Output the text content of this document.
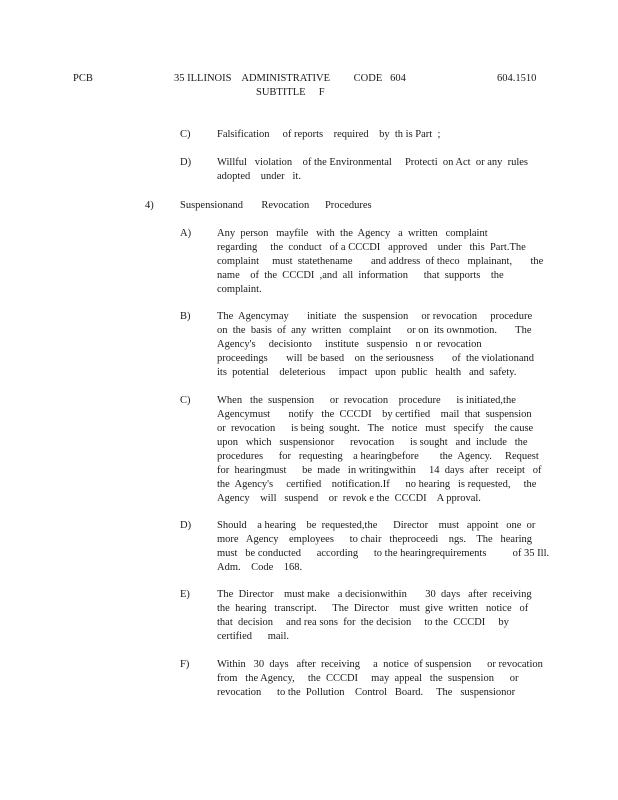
PCB	35 ILLINOIS    ADMINISTRATIVE         CODE   604
SUBTITLE     F
604.1510
C)	Falsification     of reports    required    by  th is Part  ;
D) Willful   violation    of the Environmental     Protecti  on Act  or any  rules
adopted    under   it.
4)	Suspensionand       Revocation      Procedures
A) Any  person   mayfile   with  the  Agency   a  written   complaint
regarding     the  conduct   of a CCCDI   approved    under   this  Part.The
complaint     must  statethename       and address  of theco   mplainant,       the
name    of  the  CCCDI  ,and  all  information      that  supports    the
complaint.
B)	The  Agencymay       initiate   the  suspension     or revocation     procedure
on  the  basis  of  any  written   complaint      or on  its ownmotion.       The
Agency's     decisionto     institute   suspensio   n or  revocation
proceedings       will  be based    on  the seriousness       of  the violationand
its  potential    deleterious     impact   upon  public   health   and  safety.
C)	When   the  suspension      or  revocation    procedure      is initiated,the
Agencymust       notify   the  CCCDI    by certified    mail  that  suspension
or  revocation      is being  sought.   The   notice   must   specify    the cause
upon   which   suspensionor      revocation      is sought   and  include   the
procedures      for   requesting    a hearingbefore        the  Agency.     Request
for  hearingmust      be  made   in writingwithin     14  days  after   receipt   of
the  Agency's     certified    notification.If      no hearing   is requested,     the
Agency    will   suspend    or  revok e the  CCCDI    A pproval.
D) Should    a hearing    be  requested,the      Director    must   appoint   one  or
more   Agency    employees      to chair   theproceedi    ngs.    The   hearing
must   be conducted      according      to the hearingrequirements          of 35 Ill.
Adm.    Code    168.
E)	The  Director    must make   a decisionwithin       30  days   after  receiving
the  hearing   transcript.      The  Director    must  give  written   notice   of
that  decision     and rea sons  for  the decision     to the  CCCDI     by
certified      mail.
F)	Within   30  days   after  receiving     a  notice  of suspension      or revocation
from   the Agency,     the  CCCDI     may  appeal   the  suspension      or
revocation      to the  Pollution    Control   Board.     The   suspensionor
